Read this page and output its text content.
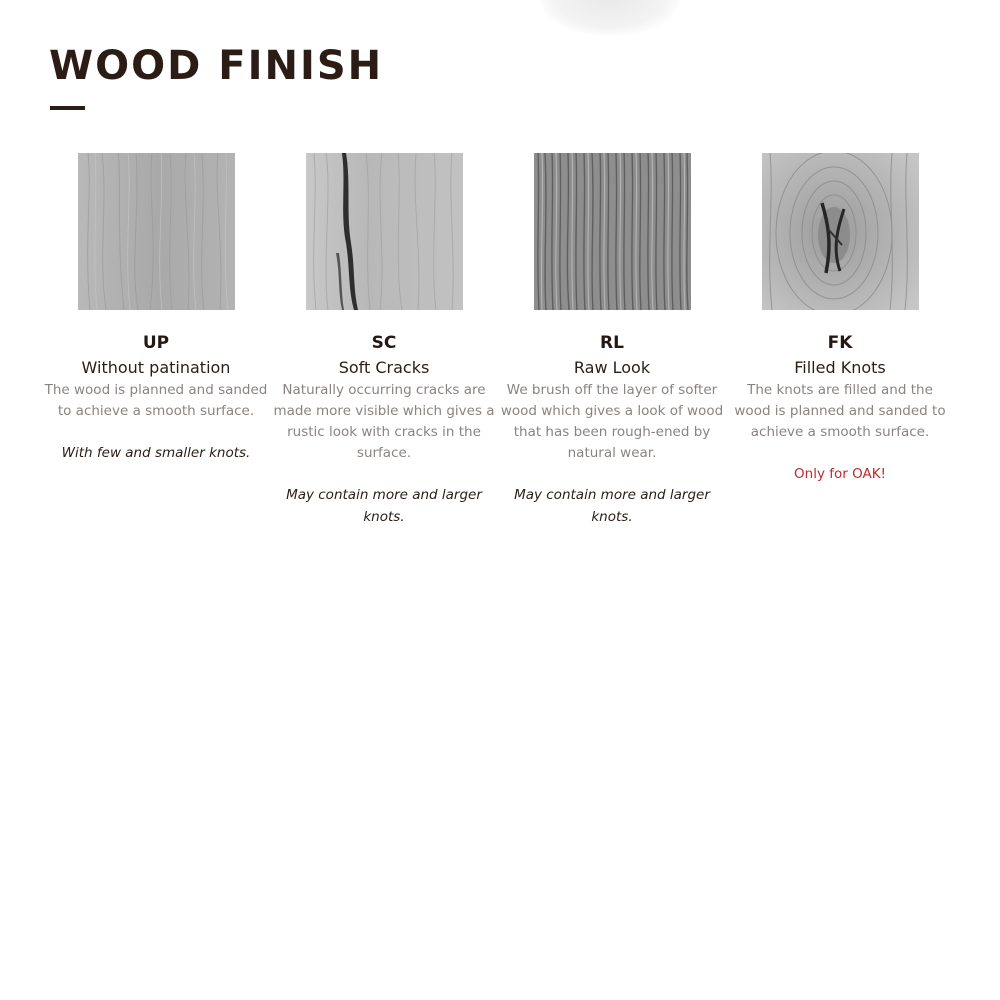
WOOD FINISH
UP
Without patination
The wood is planned and sanded to achieve a smooth surface.
With few and smaller knots.
SC
Soft Cracks
Naturally occurring cracks are made more visible which gives a rustic look with cracks in the surface.
May contain more and larger knots.
RL
Raw Look
We brush off the layer of softer wood which gives a look of wood that has been rough-ened by natural wear.
May contain more and larger knots.
FK
Filled Knots
The knots are filled and the wood is planned and sanded to achieve a smooth surface.
Only for OAK!
